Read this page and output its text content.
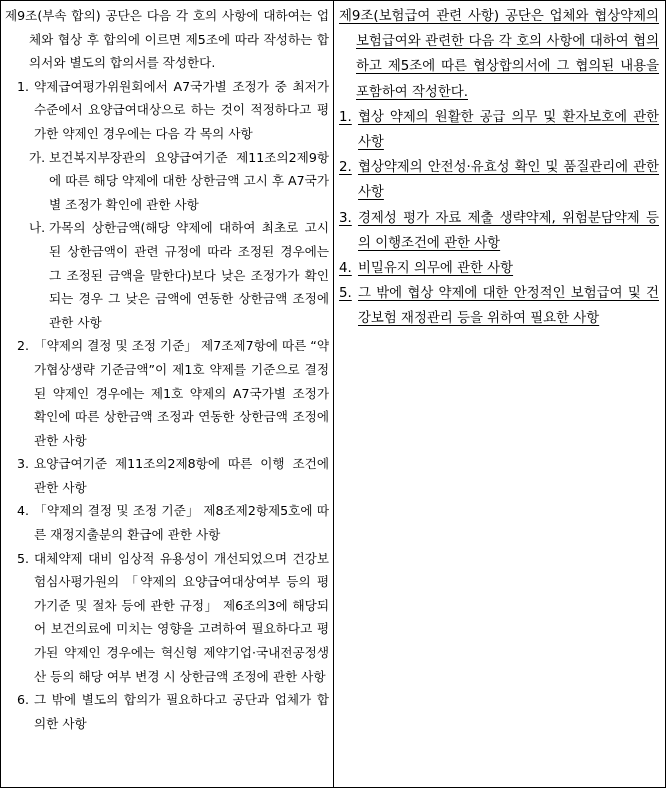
제9조(부속 합의) 공단은 다음 각 호의 사항에 대하여는 업체와 협상 후 합의에 이르면 제5조에 따라 작성하는 합의서와 별도의 합의서를 작성한다.

1. 약제급여평가위원회에서 A7국가별 조정가 중 최저가 수준에서 요양급여대상으로 하는 것이 적정하다고 평가한 약제인 경우에는 다음 각 목의 사항
가. 보건복지부장관의 요양급여기준 제11조의2제9항에 따른 해당 약제에 대한 상한금액 고시 후 A7국가별 조정가 확인에 관한 사항
나. 가목의 상한금액(해당 약제에 대하여 최초로 고시된 상한금액이 관련 규정에 따라 조정된 경우에는 그 조정된 금액을 말한다)보다 낮은 조정가가 확인되는 경우 그 낮은 금액에 연동한 상한금액 조정에 관한 사항
2. 「약제의 결정 및 조정 기준」 제7조제7항에 따른 “약가협상생략 기준금액”이 제1호 약제를 기준으로 결정된 약제인 경우에는 제1호 약제의 A7국가별 조정가 확인에 따른 상한금액 조정과 연동한 상한금액 조정에 관한 사항
3. 요양급여기준 제11조의2제8항에 따른 이행 조건에 관한 사항
4. 「약제의 결정 및 조정 기준」 제8조제2항제5호에 따른 재정지출분의 환급에 관한 사항
5. 대체약제 대비 임상적 유용성이 개선되었으며 건강보험심사평가원의 「약제의 요양급여대상여부 등의 평가기준 및 절차 등에 관한 규정」 제6조의3에 해당되어 보건의료에 미치는 영향을 고려하여 필요하다고 평가된 약제인 경우에는 혁신형 제약기업·국내전공정생산 등의 해당 여부 변경 시 상한금액 조정에 관한 사항
6. 그 밖에 별도의 합의가 필요하다고 공단과 업체가 합의한 사항

제9조(보험급여 관련 사항) 공단은 업체와 협상약제의 보험급여와 관련한 다음 각 호의 사항에 대하여 협의하고 제5조에 따른 협상합의서에 그 협의된 내용을 포함하여 작성한다.

1. 협상 약제의 원활한 공급 의무 및 환자보호에 관한 사항
2. 협상약제의 안전성·유효성 확인 및 품질관리에 관한 사항
3. 경제성 평가 자료 제출 생략약제, 위험분담약제 등의 이행조건에 관한 사항
4. 비밀유지 의무에 관한 사항
5. 그 밖에 협상 약제에 대한 안정적인 보험급여 및 건강보험 재정관리 등을 위하여 필요한 사항
